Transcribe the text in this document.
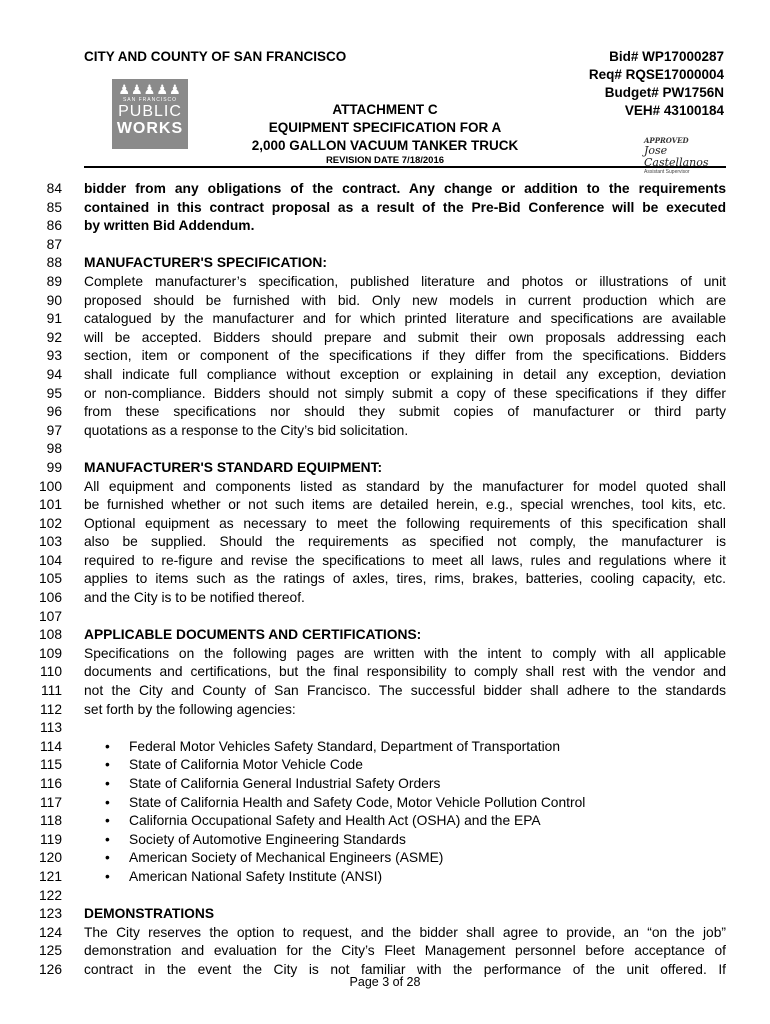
CITY AND COUNTY OF SAN FRANCISCO	Bid# WP17000287
Req# RQSE17000004
Budget# PW1756N
VEH# 43100184
♟♟♟♟♟
SAN FRANCISCO
PUBLIC
WORKS
ATTACHMENT C
EQUIPMENT SPECIFICATION FOR A
2,000 GALLON VACUUM TANKER TRUCK
REVISION DATE 7/18/2016
APPROVED
Jose Castellanos
Assistant Supervisor
84 bidder from any obligations of the contract. Any change or addition to the requirements
85 contained in this contract proposal as a result of the Pre-Bid Conference will be executed
86 by written Bid Addendum.
87
88 MANUFACTURER'S SPECIFICATION:
89 Complete manufacturer’s specification, published literature and photos or illustrations of unit
90 proposed should be furnished with bid. Only new models in current production which are
91 catalogued by the manufacturer and for which printed literature and specifications are available
92 will be accepted. Bidders should prepare and submit their own proposals addressing each
93 section, item or component of the specifications if they differ from the specifications. Bidders
94 shall indicate full compliance without exception or explaining in detail any exception, deviation
95 or non-compliance. Bidders should not simply submit a copy of these specifications if they differ
96 from these specifications nor should they submit copies of manufacturer or third party
97 quotations as a response to the City’s bid solicitation.
98
99 MANUFACTURER'S STANDARD EQUIPMENT:
100 All equipment and components listed as standard by the manufacturer for model quoted shall
101 be furnished whether or not such items are detailed herein, e.g., special wrenches, tool kits, etc.
102 Optional equipment as necessary to meet the following requirements of this specification shall
103 also be supplied. Should the requirements as specified not comply, the manufacturer is
104 required to re-figure and revise the specifications to meet all laws, rules and regulations where it
105 applies to items such as the ratings of axles, tires, rims, brakes, batteries, cooling capacity, etc.
106 and the City is to be notified thereof.
107
108 APPLICABLE DOCUMENTS AND CERTIFICATIONS:
109 Specifications on the following pages are written with the intent to comply with all applicable
110 documents and certifications, but the final responsibility to comply shall rest with the vendor and
111 not the City and County of San Francisco. The successful bidder shall adhere to the standards
112 set forth by the following agencies:
113
114	• Federal Motor Vehicles Safety Standard, Department of Transportation
115	• State of California Motor Vehicle Code
116	• State of California General Industrial Safety Orders
117	• State of California Health and Safety Code, Motor Vehicle Pollution Control
118	• California Occupational Safety and Health Act (OSHA) and the EPA
119	• Society of Automotive Engineering Standards
120	• American Society of Mechanical Engineers (ASME)
121	• American National Safety Institute (ANSI)
122
123 DEMONSTRATIONS
124 The City reserves the option to request, and the bidder shall agree to provide, an “on the job”
125 demonstration and evaluation for the City’s Fleet Management personnel before acceptance of
126 contract in the event the City is not familiar with the performance of the unit offered. If
Page 3 of 28
